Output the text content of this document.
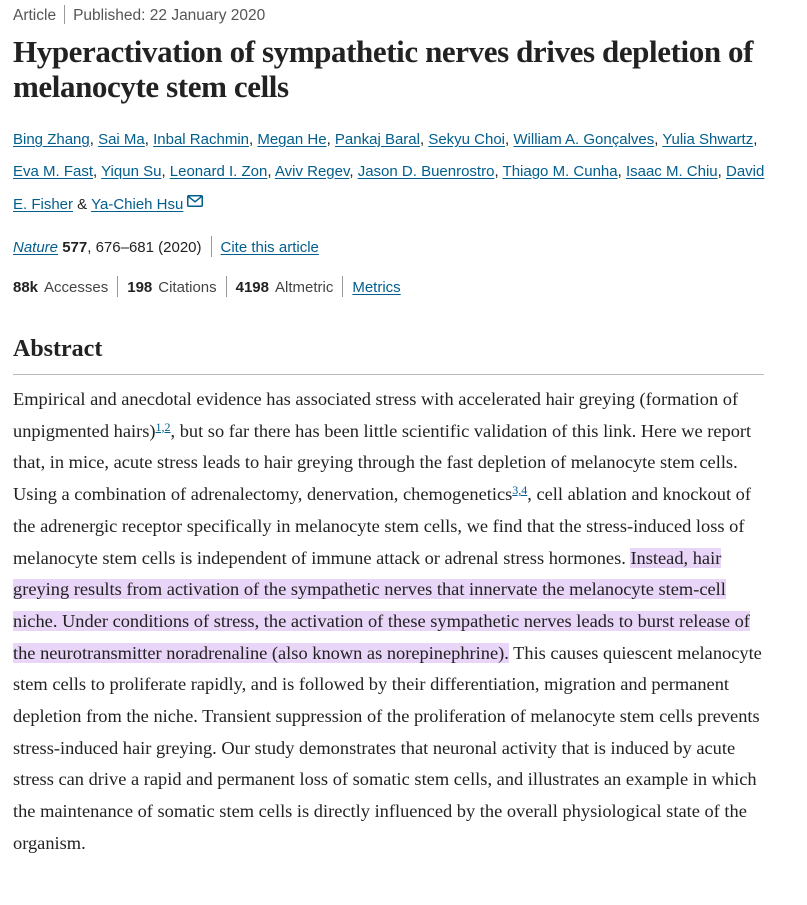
Article Published: 22 January 2020
Hyperactivation of sympathetic nerves drives depletion of melanocyte stem cells
Bing Zhang, Sai Ma, Inbal Rachmin, Megan He, Pankaj Baral, Sekyu Choi, William A. Gonçalves, Yulia Shwartz, Eva M. Fast, Yiqun Su, Leonard I. Zon, Aviv Regev, Jason D. Buenrostro, Thiago M. Cunha, Isaac M. Chiu, David E. Fisher & Ya-Chieh Hsu
Nature 577, 676–681 (2020) Cite this article
88k Accesses 198 Citations 4198 Altmetric Metrics
Abstract

Empirical and anecdotal evidence has associated stress with accelerated hair greying (formation of unpigmented hairs)$^{1,2}$, but so far there has been little scientific validation of this link. Here we report that, in mice, acute stress leads to hair greying through the fast depletion of melanocyte stem cells. Using a combination of adrenalectomy, denervation, chemogenetics$^{3,4}$, cell ablation and knockout of the adrenergic receptor specifically in melanocyte stem cells, we find that the stress-induced loss of melanocyte stem cells is independent of immune attack or adrenal stress hormones. Instead, hair greying results from activation of the sympathetic nerves that innervate the melanocyte stem-cell niche. Under conditions of stress, the activation of these sympathetic nerves leads to burst release of the neurotransmitter noradrenaline (also known as norepinephrine). This causes quiescent melanocyte stem cells to proliferate rapidly, and is followed by their differentiation, migration and permanent depletion from the niche. Transient suppression of the proliferation of melanocyte stem cells prevents stress-induced hair greying. Our study demonstrates that neuronal activity that is induced by acute stress can drive a rapid and permanent loss of somatic stem cells, and illustrates an example in which the maintenance of somatic stem cells is directly influenced by the overall physiological state of the organism.
